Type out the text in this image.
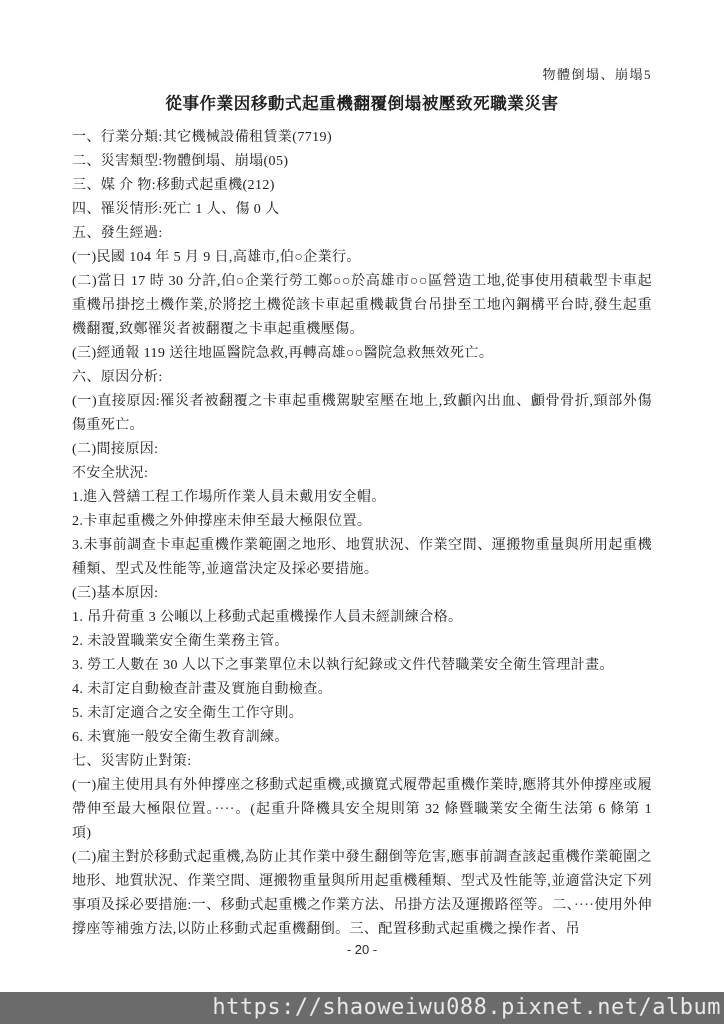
物體倒塌、崩塌5
從事作業因移動式起重機翻覆倒塌被壓致死職業災害

一、行業分類:其它機械設備租賃業(7719)

二、災害類型:物體倒塌、崩塌(05)

三、媒 介 物:移動式起重機(212)

四、罹災情形:死亡 1 人、傷 0 人

五、發生經過:

(一)民國 104 年 5 月 9 日,高雄市,伯○企業行。

(二)當日 17 時 30 分許,伯○企業行勞工鄭○○於高雄市○○區營造工地,從事使用積載型卡車起重機吊掛挖土機作業,於將挖土機從該卡車起重機載貨台吊掛至工地內鋼構平台時,發生起重機翻覆,致鄭罹災者被翻覆之卡車起重機壓傷。

(三)經通報 119 送往地區醫院急救,再轉高雄○○醫院急救無效死亡。

六、原因分析:

(一)直接原因:罹災者被翻覆之卡車起重機駕駛室壓在地上,致顱內出血、顱骨骨折,頸部外傷傷重死亡。

(二)間接原因:

不安全狀況:

1.進入營繕工程工作場所作業人員未戴用安全帽。

2.卡車起重機之外伸撐座未伸至最大極限位置。

3.未事前調查卡車起重機作業範圍之地形、地質狀況、作業空間、運搬物重量與所用起重機種類、型式及性能等,並適當決定及採必要措施。

(三)基本原因:

1. 吊升荷重 3 公噸以上移動式起重機操作人員未經訓練合格。

2. 未設置職業安全衛生業務主管。

3. 勞工人數在 30 人以下之事業單位未以執行紀錄或文件代替職業安全衛生管理計畫。

4. 未訂定自動檢查計畫及實施自動檢查。

5. 未訂定適合之安全衛生工作守則。

6. 未實施一般安全衛生教育訓練。

七、災害防止對策:

(一)雇主使用具有外伸撐座之移動式起重機,或擴寬式履帶起重機作業時,應將其外伸撐座或履帶伸至最大極限位置。····。(起重升降機具安全規則第 32 條暨職業安全衛生法第 6 條第 1 項)

(二)雇主對於移動式起重機,為防止其作業中發生翻倒等危害,應事前調查該起重機作業範圍之地形、地質狀況、作業空間、運搬物重量與所用起重機種類、型式及性能等,並適當決定下列事項及採必要措施:一、移動式起重機之作業方法、吊掛方法及運搬路徑等。二、····使用外伸撐座等補強方法,以防止移動式起重機翻倒。三、配置移動式起重機之操作者、吊

- 20 -
https://shaoweiwu088.pixnet.net/album
